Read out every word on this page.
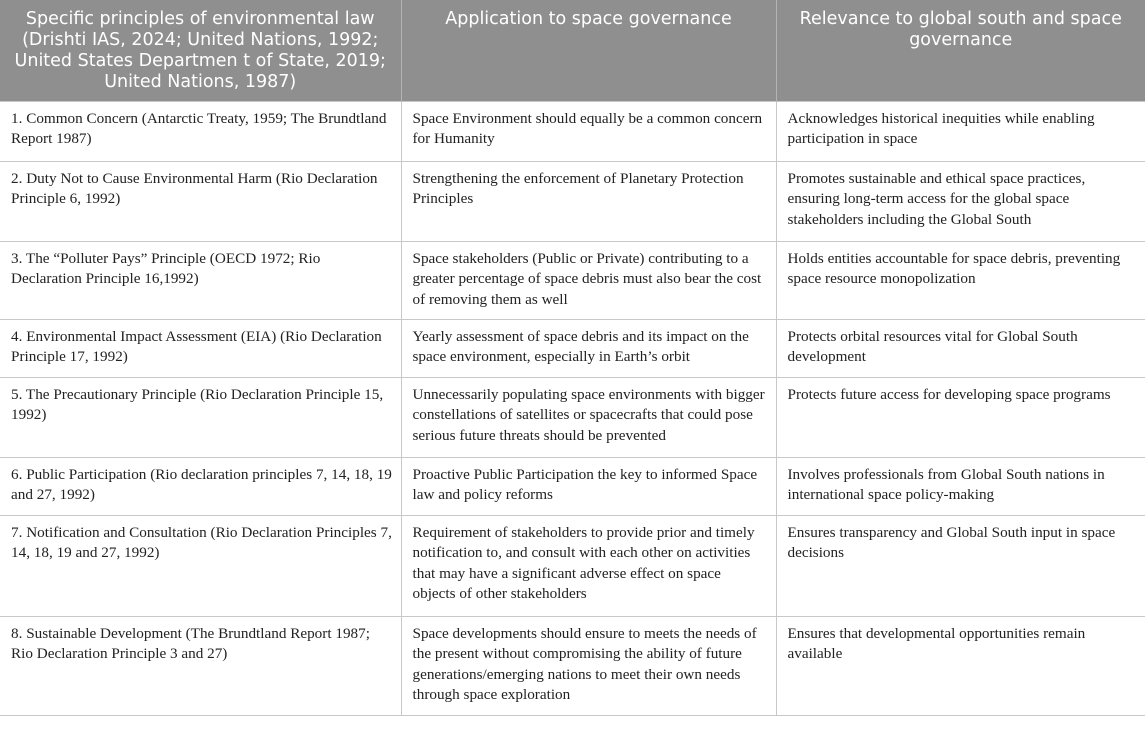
Specific principles of environmental law (Drishti IAS, 2024; United Nations, 1992; United States Departmen t of State, 2019; United Nations, 1987)	Application to space governance	Relevance to global south and space governance
1. Common Concern (Antarctic Treaty, 1959; The Brundtland Report 1987)	Space Environment should equally be a common concern for Humanity	Acknowledges historical inequities while enabling participation in space
2. Duty Not to Cause Environmental Harm (Rio Declaration Principle 6, 1992)	Strengthening the enforcement of Planetary Protection Principles	Promotes sustainable and ethical space practices, ensuring long-term access for the global space stakeholders including the Global South
3. The “Polluter Pays” Principle (OECD 1972; Rio Declaration Principle 16,1992)	Space stakeholders (Public or Private) contributing to a greater percentage of space debris must also bear the cost of removing them as well	Holds entities accountable for space debris, preventing space resource monopolization
4. Environmental Impact Assessment (EIA) (Rio Declaration Principle 17, 1992)	Yearly assessment of space debris and its impact on the space environment, especially in Earth’s orbit	Protects orbital resources vital for Global South development
5. The Precautionary Principle (Rio Declaration Principle 15, 1992)	Unnecessarily populating space environments with bigger constellations of satellites or spacecrafts that could pose serious future threats should be prevented	Protects future access for developing space programs
6. Public Participation (Rio declaration principles 7, 14, 18, 19 and 27, 1992)	Proactive Public Participation the key to informed Space law and policy reforms	Involves professionals from Global South nations in international space policy-making
7. Notification and Consultation (Rio Declaration Principles 7, 14, 18, 19 and 27, 1992)	Requirement of stakeholders to provide prior and timely notification to, and consult with each other on activities that may have a significant adverse effect on space objects of other stakeholders	Ensures transparency and Global South input in space decisions
8. Sustainable Development (The Brundtland Report 1987; Rio Declaration Principle 3 and 27)	Space developments should ensure to meets the needs of the present without compromising the ability of future generations/emerging nations to meet their own needs through space exploration	Ensures that developmental opportunities remain available
